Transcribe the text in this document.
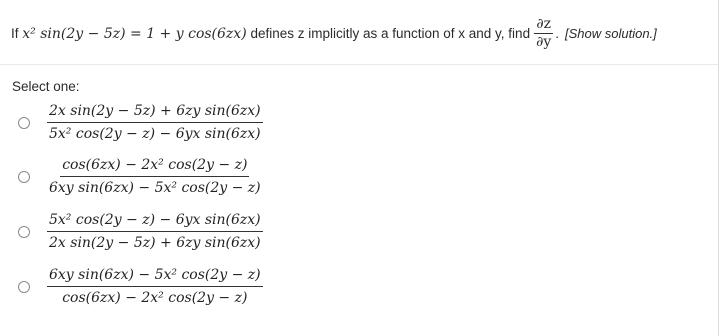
If
x² sin(2y − 5z) = 1 + y cos(6zx)
defines z implicitly as a function of x and y, find $\frac{\partial z}{\partial y}$ . [Show solution.]
Select one:
$\frac{\text{2x sin(2y − 5z) + 6zy sin(6zx)}}{\text{5x² cos(2y − z) − 6yx sin(6zx)}}$
$\frac{\text{cos(6zx) − 2x² cos(2y − z)}}{\text{6xy sin(6zx) − 5x² cos(2y − z)}}$
$\frac{\text{5x² cos(2y − z) − 6yx sin(6zx)}}{\text{2x sin(2y − 5z) + 6zy sin(6zx)}}$
$\frac{\text{6xy sin(6zx) − 5x² cos(2y − z)}}{\text{cos(6zx) − 2x² cos(2y − z)}}$
